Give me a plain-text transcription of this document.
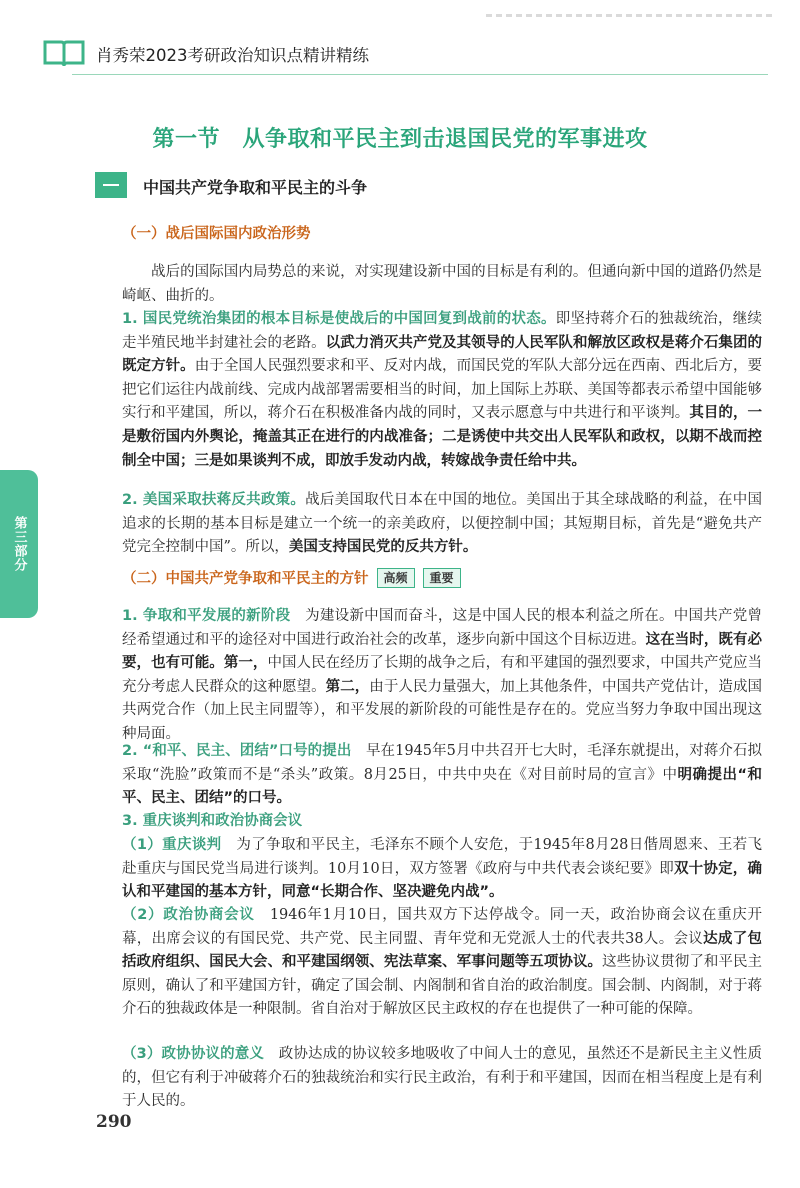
肖秀荣2023考研政治知识点精讲精练
第三部分
第一节　从争取和平民主到击退国民党的军事进攻
中国共产党争取和平民主的斗争
（一）战后国际国内政治形势
战后的国际国内局势总的来说，对实现建设新中国的目标是有利的。但通向新中国的道路仍然是崎岖、曲折的。
1. 国民党统治集团的根本目标是使战后的中国回复到战前的状态。即坚持蒋介石的独裁统治，继续走半殖民地半封建社会的老路。以武力消灭共产党及其领导的人民军队和解放区政权是蒋介石集团的既定方针。由于全国人民强烈要求和平、反对内战，而国民党的军队大部分远在西南、西北后方，要把它们运往内战前线、完成内战部署需要相当的时间，加上国际上苏联、美国等都表示希望中国能够实行和平建国，所以，蒋介石在积极准备内战的同时，又表示愿意与中共进行和平谈判。其目的，一是敷衍国内外舆论，掩盖其正在进行的内战准备；二是诱使中共交出人民军队和政权，以期不战而控制全中国；三是如果谈判不成，即放手发动内战，转嫁战争责任给中共。
2. 美国采取扶蒋反共政策。战后美国取代日本在中国的地位。美国出于其全球战略的利益，在中国追求的长期的基本目标是建立一个统一的亲美政府，以便控制中国；其短期目标，首先是“避免共产党完全控制中国”。所以，美国支持国民党的反共方针。
（二）中国共产党争取和平民主的方针 高频 重要
1. 争取和平发展的新阶段　 为建设新中国而奋斗，这是中国人民的根本利益之所在。中国共产党曾经希望通过和平的途径对中国进行政治社会的改革，逐步向新中国这个目标迈进。这在当时，既有必要，也有可能。第一，中国人民在经历了长期的战争之后，有和平建国的强烈要求，中国共产党应当充分考虑人民群众的这种愿望。第二，由于人民力量强大，加上其他条件，中国共产党估计，造成国共两党合作（加上民主同盟等），和平发展的新阶段的可能性是存在的。党应当努力争取中国出现这种局面。
2. “和平、民主、团结”口号的提出　 早在1945年5月中共召开七大时，毛泽东就提出，对蒋介石拟采取“洗脸”政策而不是“杀头”政策。8月25日，中共中央在《对目前时局的宣言》中明确提出“和平、民主、团结”的口号。
3. 重庆谈判和政治协商会议
（1）重庆谈判　 为了争取和平民主，毛泽东不顾个人安危，于1945年8月28日偕周恩来、王若飞赴重庆与国民党当局进行谈判。10月10日，双方签署《政府与中共代表会谈纪要》即双十协定，确认和平建国的基本方针，同意“长期合作、坚决避免内战”。
（2）政治协商会议　 1946年1月10日，国共双方下达停战令。同一天，政治协商会议在重庆开幕，出席会议的有国民党、共产党、民主同盟、青年党和无党派人士的代表共38人。会议达成了包括政府组织、国民大会、和平建国纲领、宪法草案、军事问题等五项协议。这些协议贯彻了和平民主原则，确认了和平建国方针，确定了国会制、内阁制和省自治的政治制度。国会制、内阁制，对于蒋介石的独裁政体是一种限制。省自治对于解放区民主政权的存在也提供了一种可能的保障。
（3）政协协议的意义　 政协达成的协议较多地吸收了中间人士的意见，虽然还不是新民主主义性质的，但它有利于冲破蒋介石的独裁统治和实行民主政治，有利于和平建国，因而在相当程度上是有利于人民的。
290
